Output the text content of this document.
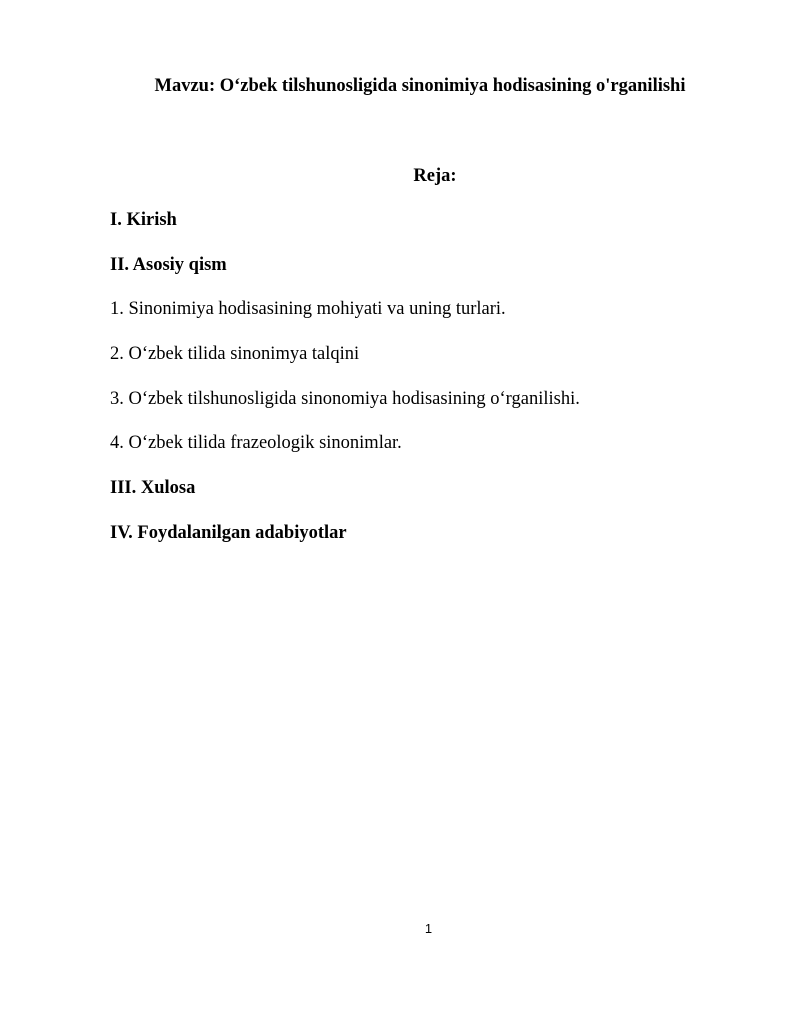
Mavzu: O‘zbek tilshunosligida sinonimiya hodisasining o'rganilishi
Reja:
I. Kirish
II. Asosiy qism
1. Sinonimiya hodisasining mohiyati va uning turlari.
2. O‘zbek tilida sinonimya talqini
3. O‘zbek tilshunosligida sinonomiya hodisasining o‘rganilishi.
4. O‘zbek tilida frazeologik sinonimlar.
III. Xulosa
IV. Foydalanilgan adabiyotlar
1
